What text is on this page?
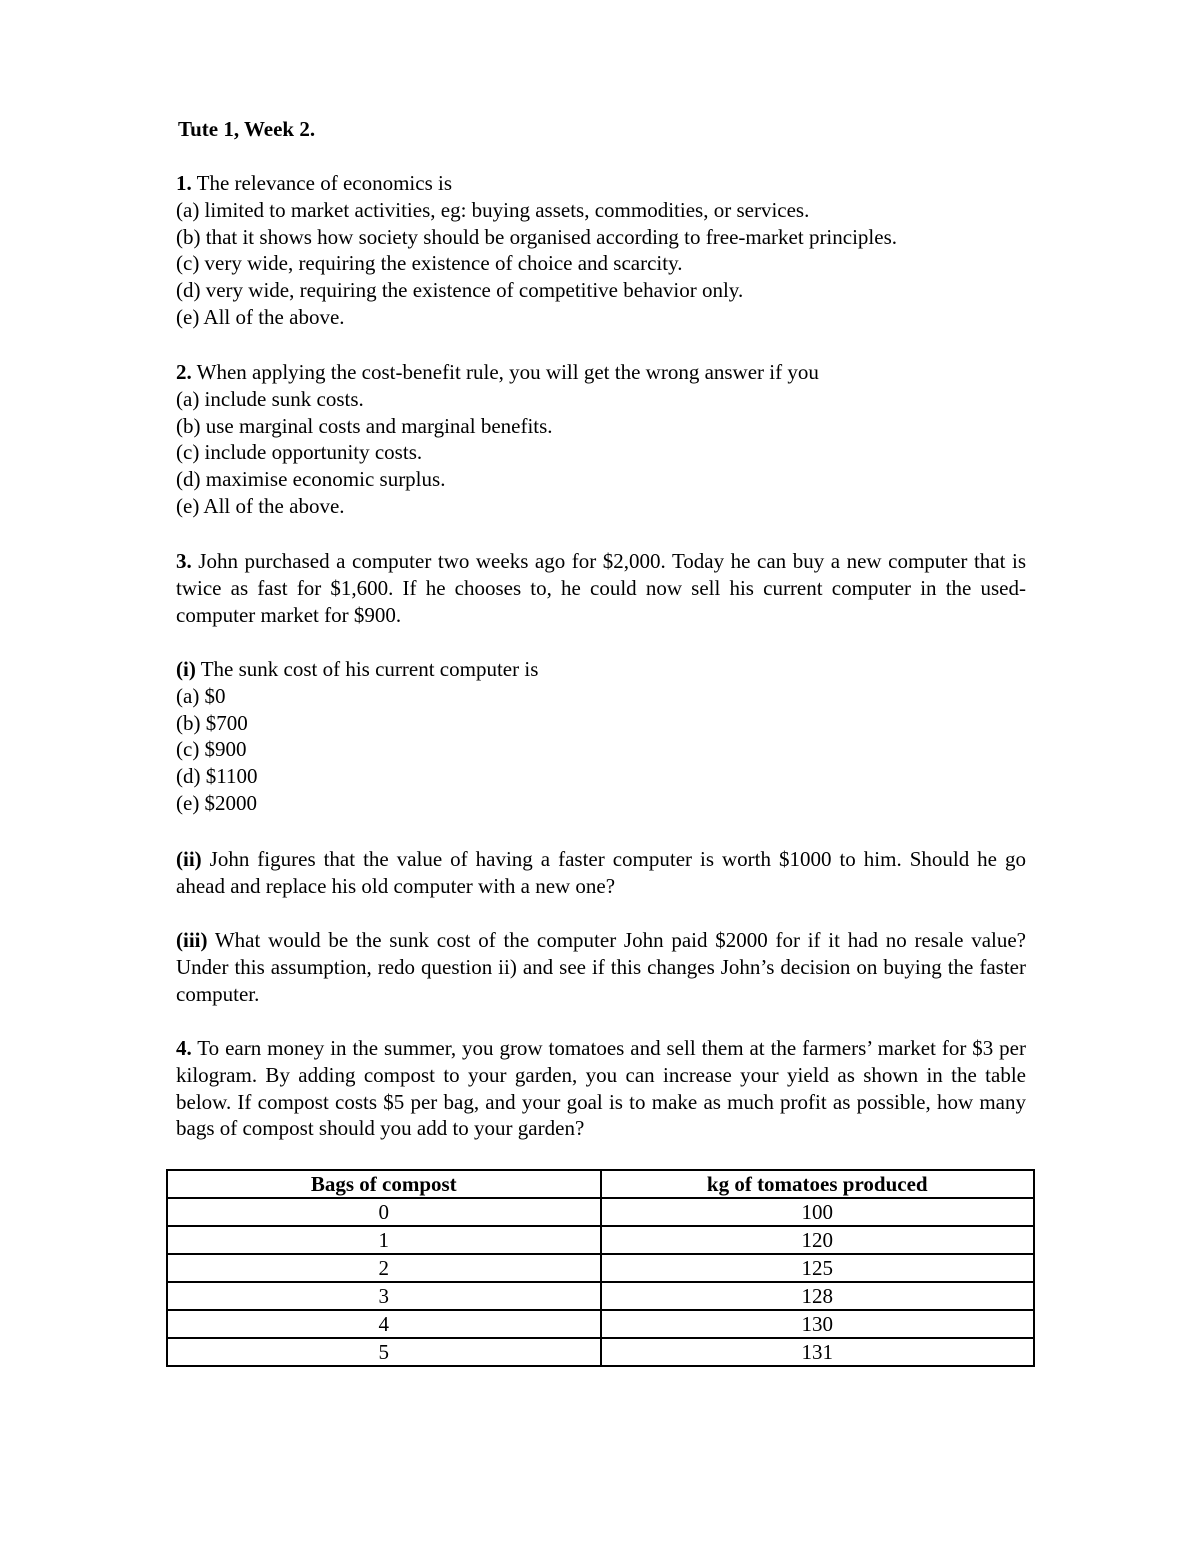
Tute 1, Week 2.
1. The relevance of economics is
(a) limited to market activities, eg: buying assets, commodities, or services.
(b) that it shows how society should be organised according to free-market principles.
(c) very wide, requiring the existence of choice and scarcity.
(d) very wide, requiring the existence of competitive behavior only.
(e) All of the above.
2. When applying the cost-benefit rule, you will get the wrong answer if you
(a) include sunk costs.
(b) use marginal costs and marginal benefits.
(c) include opportunity costs.
(d) maximise economic surplus.
(e) All of the above.
3. John purchased a computer two weeks ago for $2,000. Today he can buy a new computer that is twice as fast for $1,600. If he chooses to, he could now sell his current computer in the used-computer market for $900.
(i) The sunk cost of his current computer is
(a) $0
(b) $700
(c) $900
(d) $1100
(e) $2000
(ii) John figures that the value of having a faster computer is worth $1000 to him. Should he go ahead and replace his old computer with a new one?
(iii) What would be the sunk cost of the computer John paid $2000 for if it had no resale value? Under this assumption, redo question ii) and see if this changes John’s decision on buying the faster computer.
4. To earn money in the summer, you grow tomatoes and sell them at the farmers’ market for $3 per kilogram. By adding compost to your garden, you can increase your yield as shown in the table below. If compost costs $5 per bag, and your goal is to make as much profit as possible, how many bags of compost should you add to your garden?
Bags of compost	kg of tomatoes produced
0	100
1	120
2	125
3	128
4	130
5	131
